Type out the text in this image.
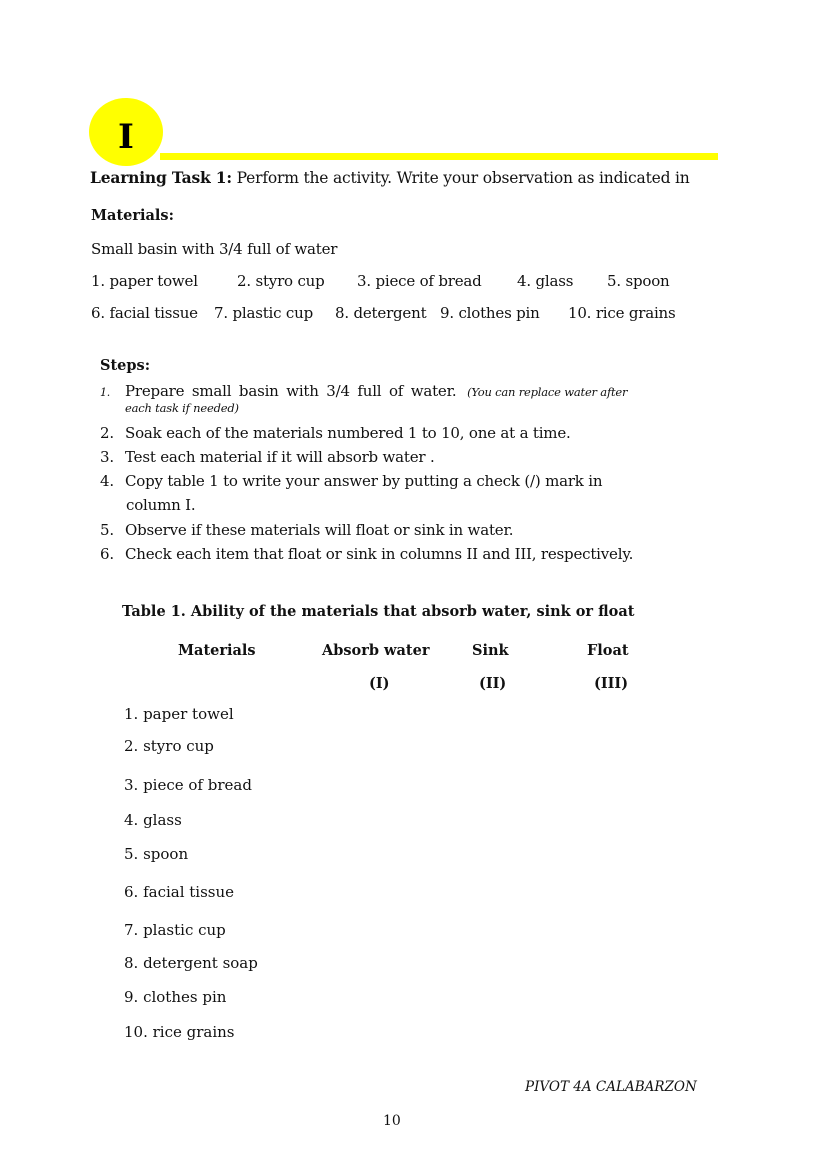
I
Learning Task 1: Perform the activity. Write your observation as indicated in
Materials:
Small basin with 3/4 full of water
1. paper towel	2. styro cup 3. piece of bread 4. glass 5. spoon
6. facial tissue 7. plastic cup 8. detergent 9. clothes pin 10. rice grains
Steps:
1. Prepare small basin with 3/4 full of water. (You can replace water after
each task if needed)
2. Soak each of the materials numbered 1 to 10, one at a time.
3. Test each material if it will absorb water .
4. Copy table 1 to write your answer by putting a check (/) mark in
column I.
5. Observe if these materials will float or sink in water.
6. Check each item that float or sink in columns II and III, respectively.
Table 1. Ability of the materials that absorb water, sink or float
Materials	Absorb water	Sink	Float
(I)	(II)	(III)
1. paper towel
2. styro cup
3. piece of bread
4. glass
5. spoon
6. facial tissue
7. plastic cup
8. detergent soap
9. clothes pin
10. rice grains
PIVOT 4A CALABARZON
10
